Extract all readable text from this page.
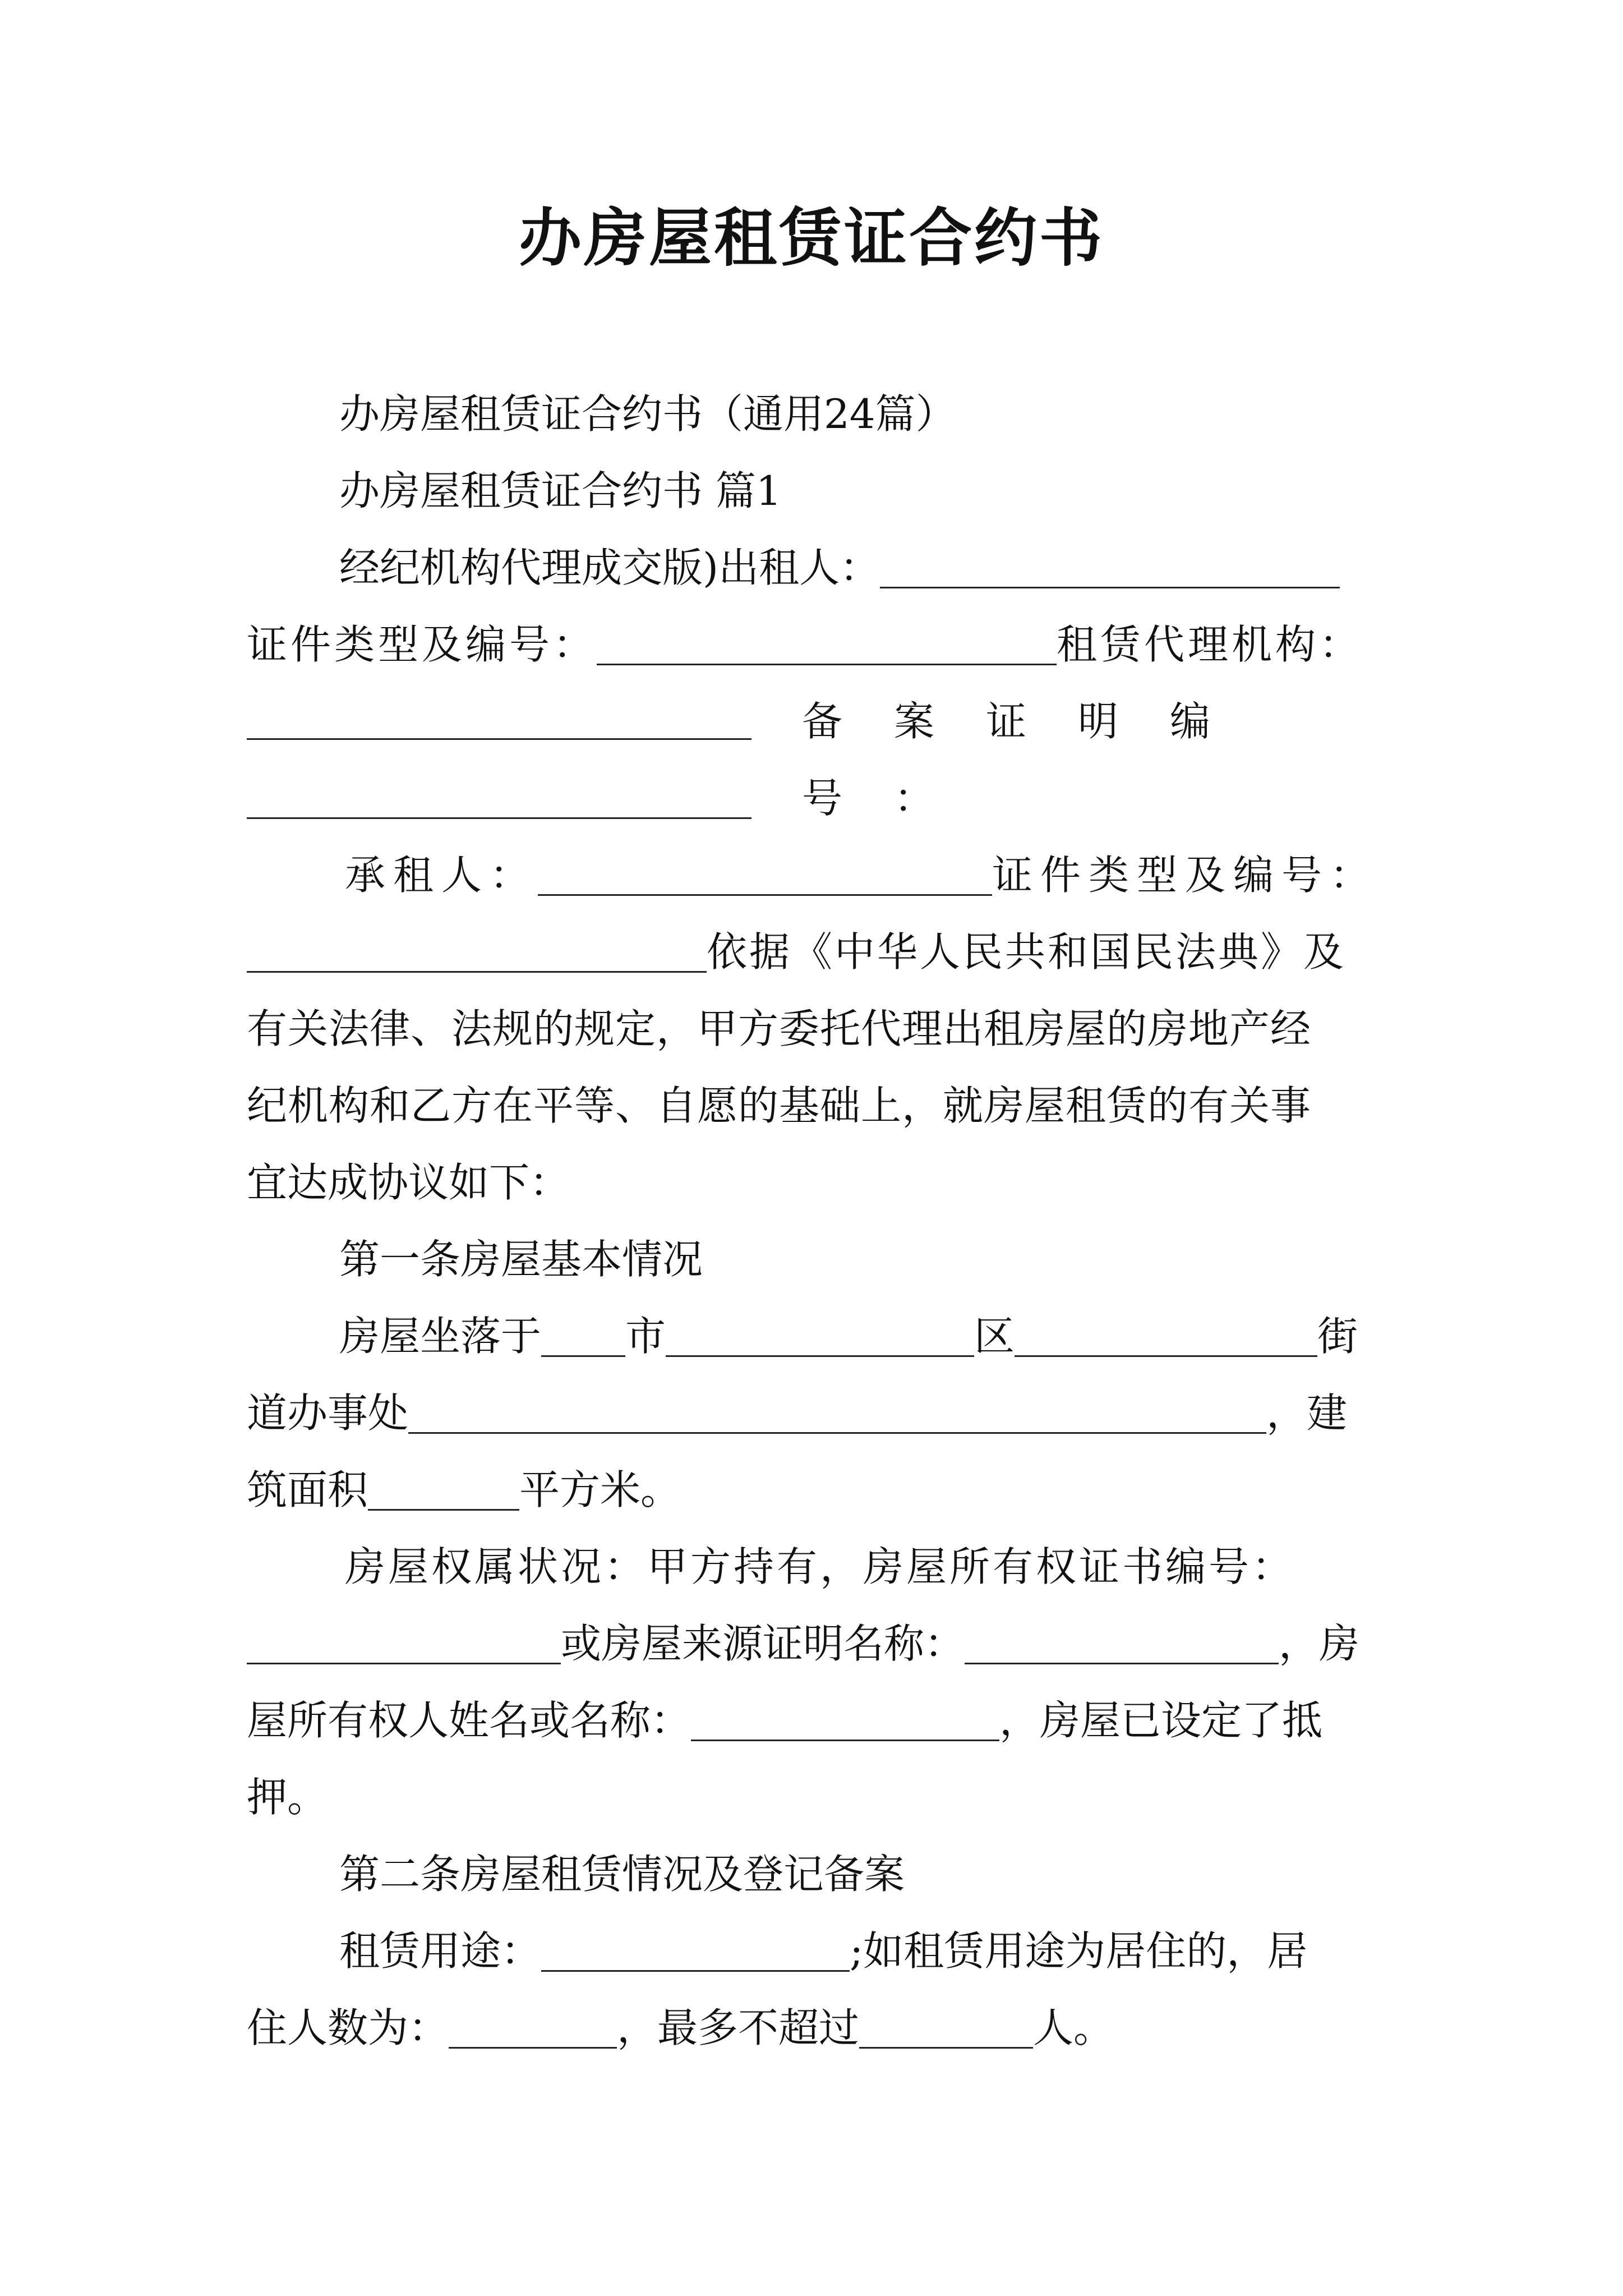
办房屋租赁证合约书
办房屋租赁证合约书（通用24篇）
办房屋租赁证合约书 篇1
经纪机构代理成交版)出租人：
证件类型及编号：	租赁代理机构：
备案证明编号：
承租人：	证件类型及编号：
依据《中华人民共和国民法典》及
有关法律、法规的规定，甲方委托代理出租房屋的房地产经
纪机构和乙方在平等、自愿的基础上，就房屋租赁的有关事
宜达成协议如下：
第一条房屋基本情况
房屋坐落于 市	区	街
道办事处	，建
筑面积	平方米。
房屋权属状况：甲方持有，房屋所有权证书编号：
或房屋来源证明名称：	，房
屋所有权人姓名或名称：	，房屋已设定了抵
押。
第二条房屋租赁情况及登记备案
租赁用途：	;如租赁用途为居住的，居
住人数为：	，最多不超过	人。
